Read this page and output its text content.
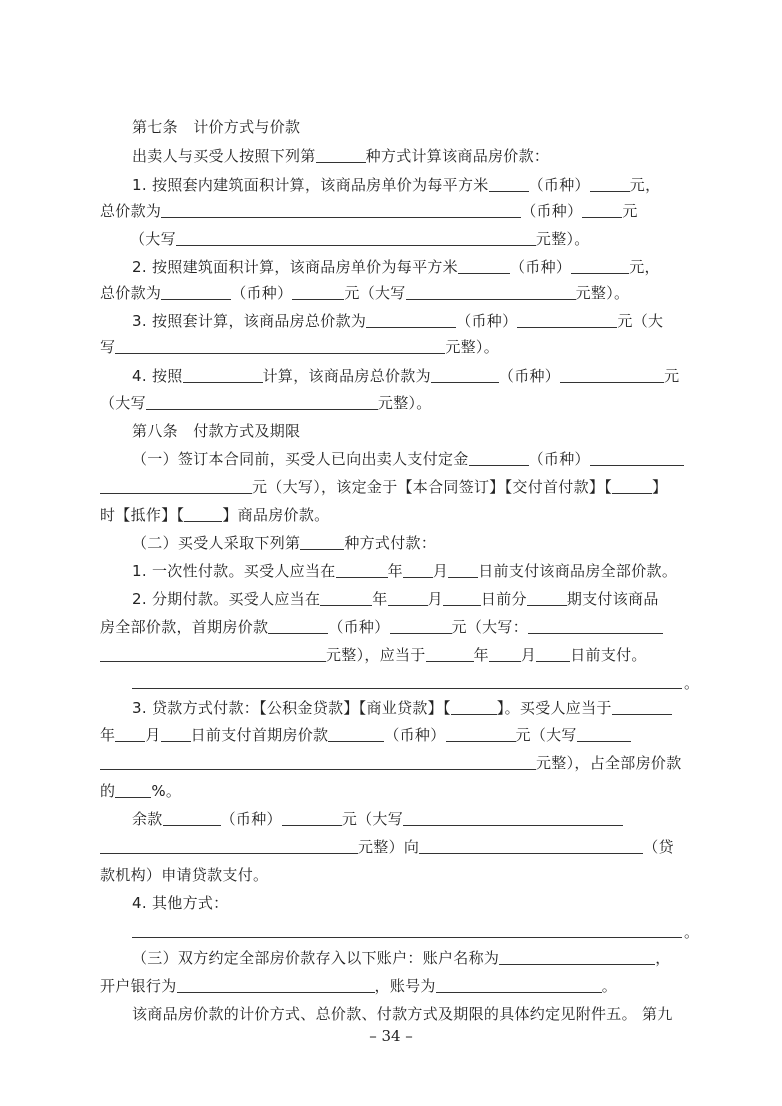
第七条　计价方式与价款
出卖人与买受人按照下列第	种方式计算该商品房价款：
1. 按照套内建筑面积计算，该商品房单价为每平方米	（币种）	元，
总价款为	（币种）	元
（大写	元整）。
2. 按照建筑面积计算，该商品房单价为每平方米	（币种）	元，
总价款为	（币种）	元（大写	元整）。
3. 按照套计算，该商品房总价款为	（币种）	元（大
写	元整）。
4. 按照	计算，该商品房总价款为	（币种）	元
（大写	元整）。
第八条　付款方式及期限
（一）签订本合同前，买受人已向出卖人支付定金	（币种）
元（大写），该定金于【本合同签订】【交付首付款】【	】
时【抵作】【	】商品房价款。
（二）买受人采取下列第	种方式付款：
1. 一次性付款。买受人应当在	年 月 日前支付该商品房全部价款。
2. 分期付款。买受人应当在	年	月	日前分	期支付该商品
房全部价款，首期房价款	（币种）	元（大写：
元整），应当于	年 月 日前支付。
。
3. 贷款方式付款：【公积金贷款】【商业贷款】【	】。买受人应当于
年 月 日前支付首期房价款	（币种）	元（大写
元整），占全部房价款
的 %。
余款	（币种）	元（大写
元整）向	（贷
款机构）申请贷款支付。
4. 其他方式：
。
（三）双方约定全部房价款存入以下账户：账户名称为	，
开户银行为	，账号为	。
该商品房价款的计价方式、总价款、付款方式及期限的具体约定见附件五。 第九
– 34 –
